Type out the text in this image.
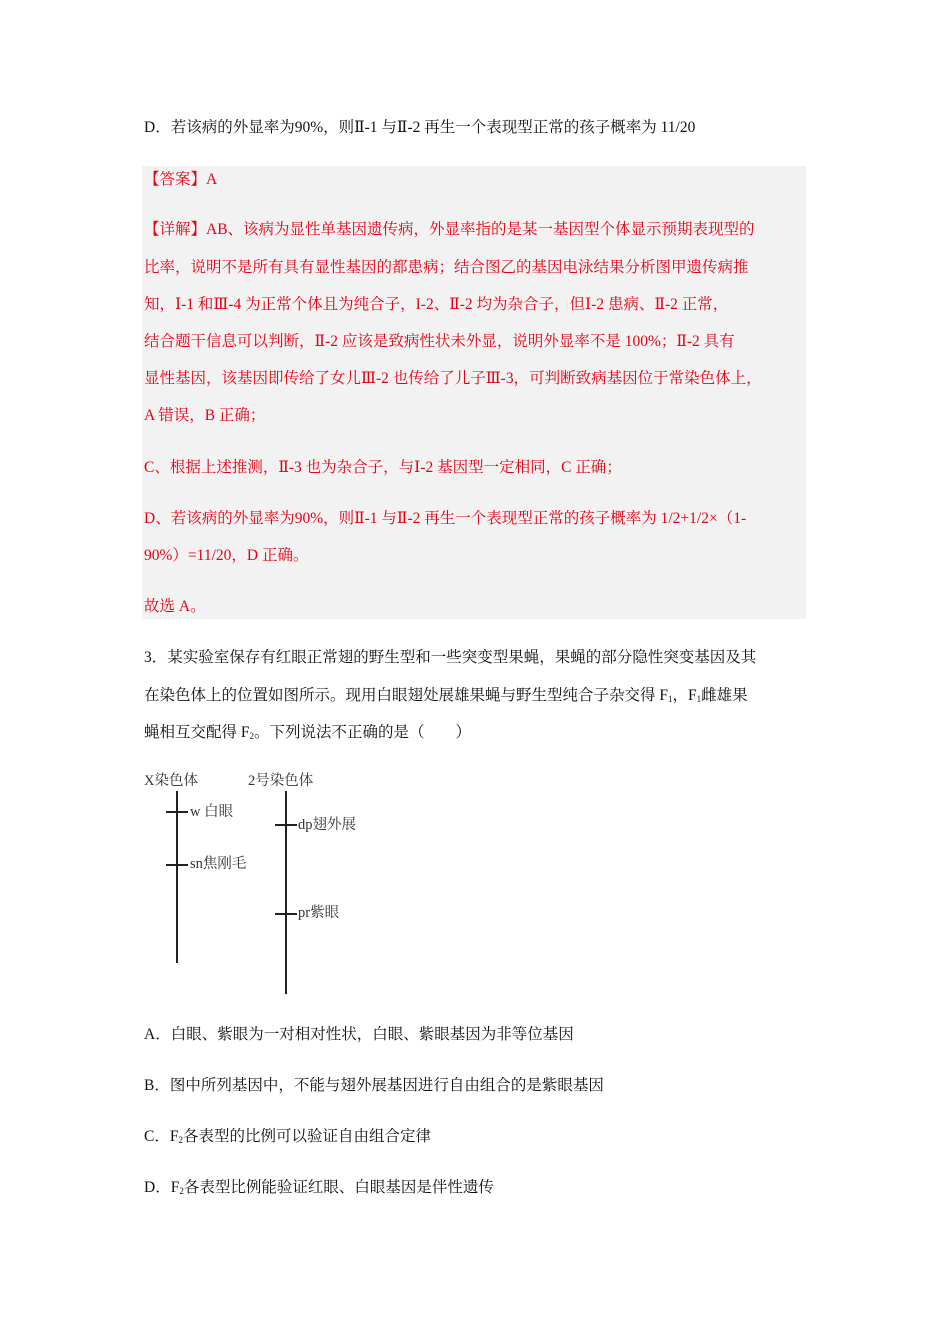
D．若该病的外显率为90%，则Ⅱ-1 与Ⅱ-2 再生一个表现型正常的孩子概率为 11/20
【答案】A
【详解】AB、该病为显性单基因遗传病，外显率指的是某一基因型个体显示预期表现型的
比率，说明不是所有具有显性基因的都患病；结合图乙的基因电泳结果分析图甲遗传病推
知，Ⅰ-1 和Ⅲ-4 为正常个体且为纯合子，I-2、Ⅱ-2 均为杂合子，但Ⅰ-2 患病、Ⅱ-2 正常，
结合题干信息可以判断，Ⅱ-2 应该是致病性状未外显，说明外显率不是 100%；Ⅱ-2 具有
显性基因，该基因即传给了女儿Ⅲ-2 也传给了儿子Ⅲ-3，可判断致病基因位于常染色体上，
A 错误，B 正确；
C、根据上述推测，Ⅱ-3 也为杂合子，与Ⅰ-2 基因型一定相同，C 正确；
D、若该病的外显率为90%，则Ⅱ-1 与Ⅱ-2 再生一个表现型正常的孩子概率为 1/2+1/2×（1-
90%）=11/20，D 正确。
故选 A。
3．某实验室保存有红眼正常翅的野生型和一些突变型果蝇，果蝇的部分隐性突变基因及其
在染色体上的位置如图所示。现用白眼翅处展雄果蝇与野生型纯合子杂交得 $F_1$，$F_1$雌雄果
蝇相互交配得 $F_2$。下列说法不正确的是（　　）
X染色体
w 白眼
sn焦刚毛
2号染色体
dp翅外展
pr紫眼
A．白眼、紫眼为一对相对性状，白眼、紫眼基因为非等位基因
B．图中所列基因中，不能与翅外展基因进行自由组合的是紫眼基因
C．$F_2$各表型的比例可以验证自由组合定律
D．$F_2$各表型比例能验证红眼、白眼基因是伴性遗传
